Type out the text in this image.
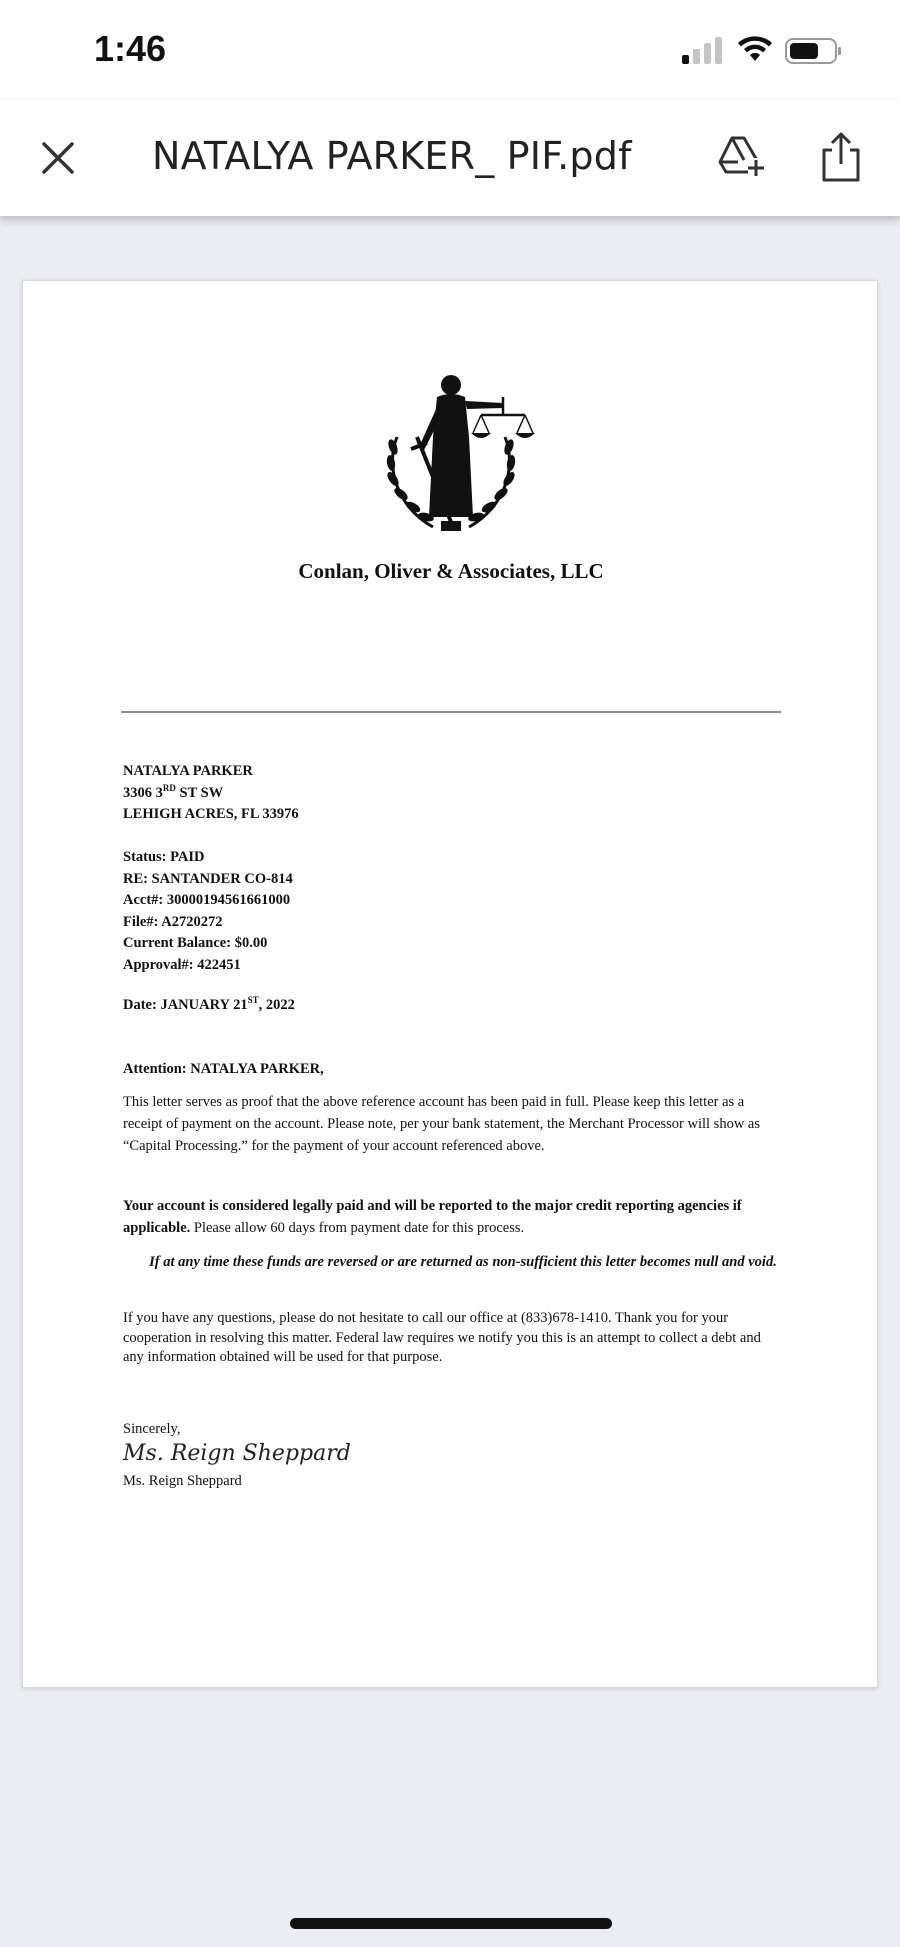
1:46
NATALYA PARKER_ PIF.pdf
Conlan, Oliver & Associates, LLC
NATALYA PARKER
3306 3RD ST SW
LEHIGH ACRES, FL 33976
Status: PAID
RE: SANTANDER CO-814
Acct#: 30000194561661000
File#: A2720272
Current Balance: $0.00
Approval#: 422451
Date: JANUARY 21ST, 2022
Attention: NATALYA PARKER,
This letter serves as proof that the above reference account has been paid in full. Please keep this letter as a receipt of payment on the account. Please note, per your bank statement, the Merchant Processor will show as “Capital Processing.” for the payment of your account referenced above.
Your account is considered legally paid and will be reported to the major credit reporting agencies if applicable. Please allow 60 days from payment date for this process.
If at any time these funds are reversed or are returned as non-sufficient this letter becomes null and void.
If you have any questions, please do not hesitate to call our office at (833)678-1410. Thank you for your cooperation in resolving this matter. Federal law requires we notify you this is an attempt to collect a debt and any information obtained will be used for that purpose.
Sincerely,
Ms. Reign Sheppard
Ms. Reign Sheppard
